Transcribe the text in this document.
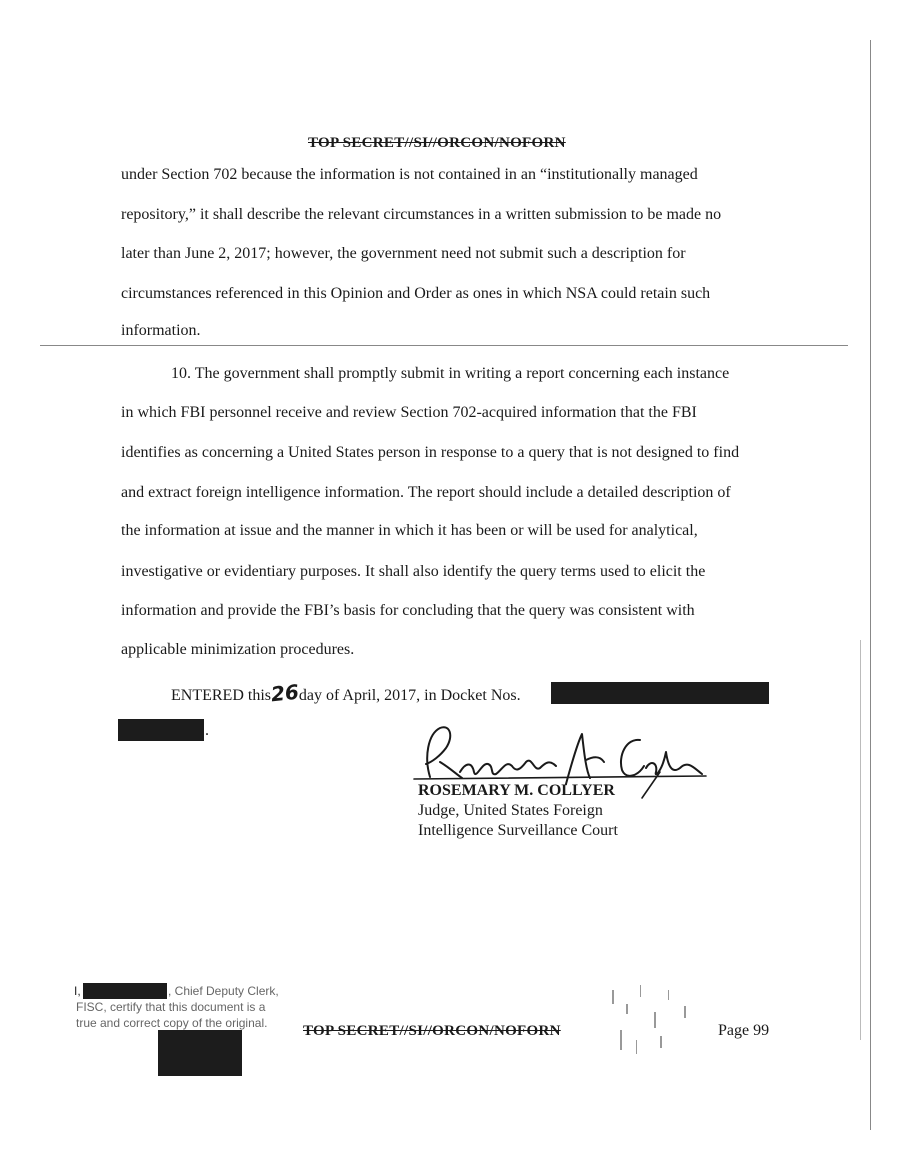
TOP SECRET//SI//ORCON/NOFORN
under Section 702 because the information is not contained in an “institutionally managed
repository,” it shall describe the relevant circumstances in a written submission to be made no
later than June 2, 2017; however, the government need not submit such a description for
circumstances referenced in this Opinion and Order as ones in which NSA could retain such
information.
10. The government shall promptly submit in writing a report concerning each instance
in which FBI personnel receive and review Section 702-acquired information that the FBI
identifies as concerning a United States person in response to a query that is not designed to find
and extract foreign intelligence information. The report should include a detailed description of
the information at issue and the manner in which it has been or will be used for analytical,
investigative or evidentiary purposes. It shall also identify the query terms used to elicit the
information and provide the FBI’s basis for concluding that the query was consistent with
applicable minimization procedures.
ENTERED this26day of April, 2017, in Docket Nos.
.
ROSEMARY M. COLLYER
Judge, United States Foreign
Intelligence Surveillance Court
I,	, Chief Deputy Clerk,
FISC, certify that this document is a
true and correct copy of the original. TOP SECRET//SI//ORCON/NOFORN	Page 99
